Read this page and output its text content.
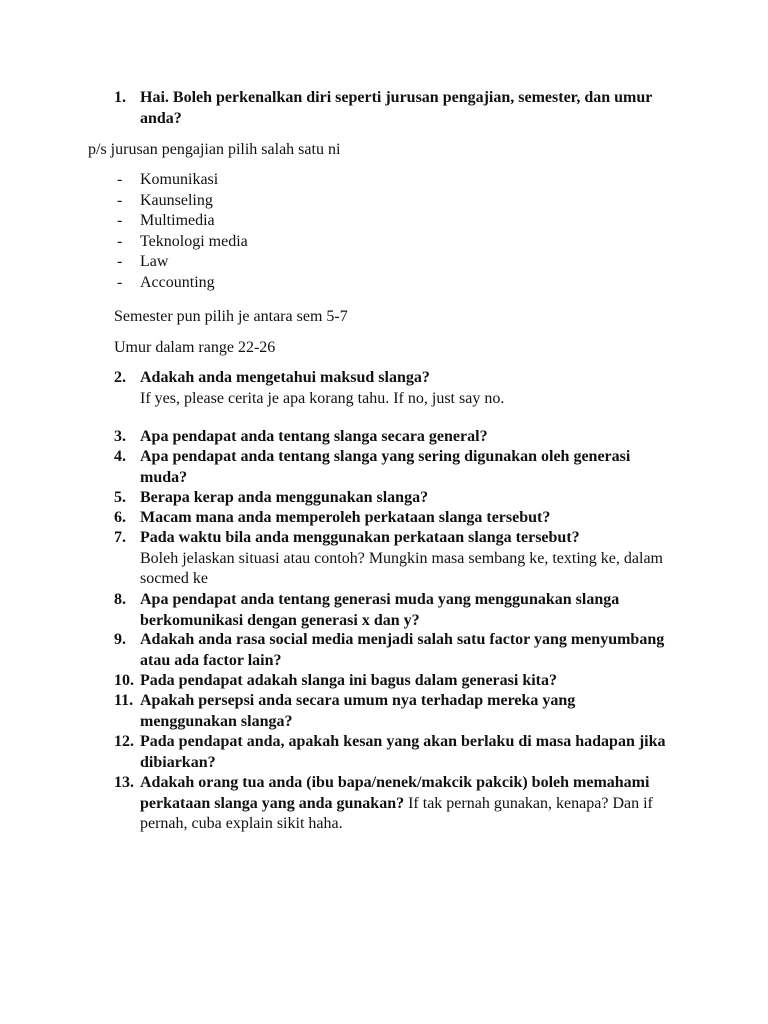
1. Hai. Boleh perkenalkan diri seperti jurusan pengajian, semester, dan umur anda?
p/s jurusan pengajian pilih salah satu ni
- Komunikasi
- Kaunseling
- Multimedia
- Teknologi media
- Law
- Accounting
Semester pun pilih je antara sem 5-7
Umur dalam range 22-26
2. Adakah anda mengetahui maksud slanga?
If yes, please cerita je apa korang tahu. If no, just say no.
3. Apa pendapat anda tentang slanga secara general?
4. Apa pendapat anda tentang slanga yang sering digunakan oleh generasi muda?
5. Berapa kerap anda menggunakan slanga?
6. Macam mana anda memperoleh perkataan slanga tersebut?
7. Pada waktu bila anda menggunakan perkataan slanga tersebut?
Boleh jelaskan situasi atau contoh? Mungkin masa sembang ke, texting ke, dalam socmed ke
8. Apa pendapat anda tentang generasi muda yang menggunakan slanga berkomunikasi dengan generasi x dan y?
9. Adakah anda rasa social media menjadi salah satu factor yang menyumbang atau ada factor lain?
10. Pada pendapat adakah slanga ini bagus dalam generasi kita?
11. Apakah persepsi anda secara umum nya terhadap mereka yang menggunakan slanga?
12. Pada pendapat anda, apakah kesan yang akan berlaku di masa hadapan jika dibiarkan?
13. Adakah orang tua anda (ibu bapa/nenek/makcik pakcik) boleh memahami perkataan slanga yang anda gunakan? If tak pernah gunakan, kenapa? Dan if pernah, cuba explain sikit haha.
